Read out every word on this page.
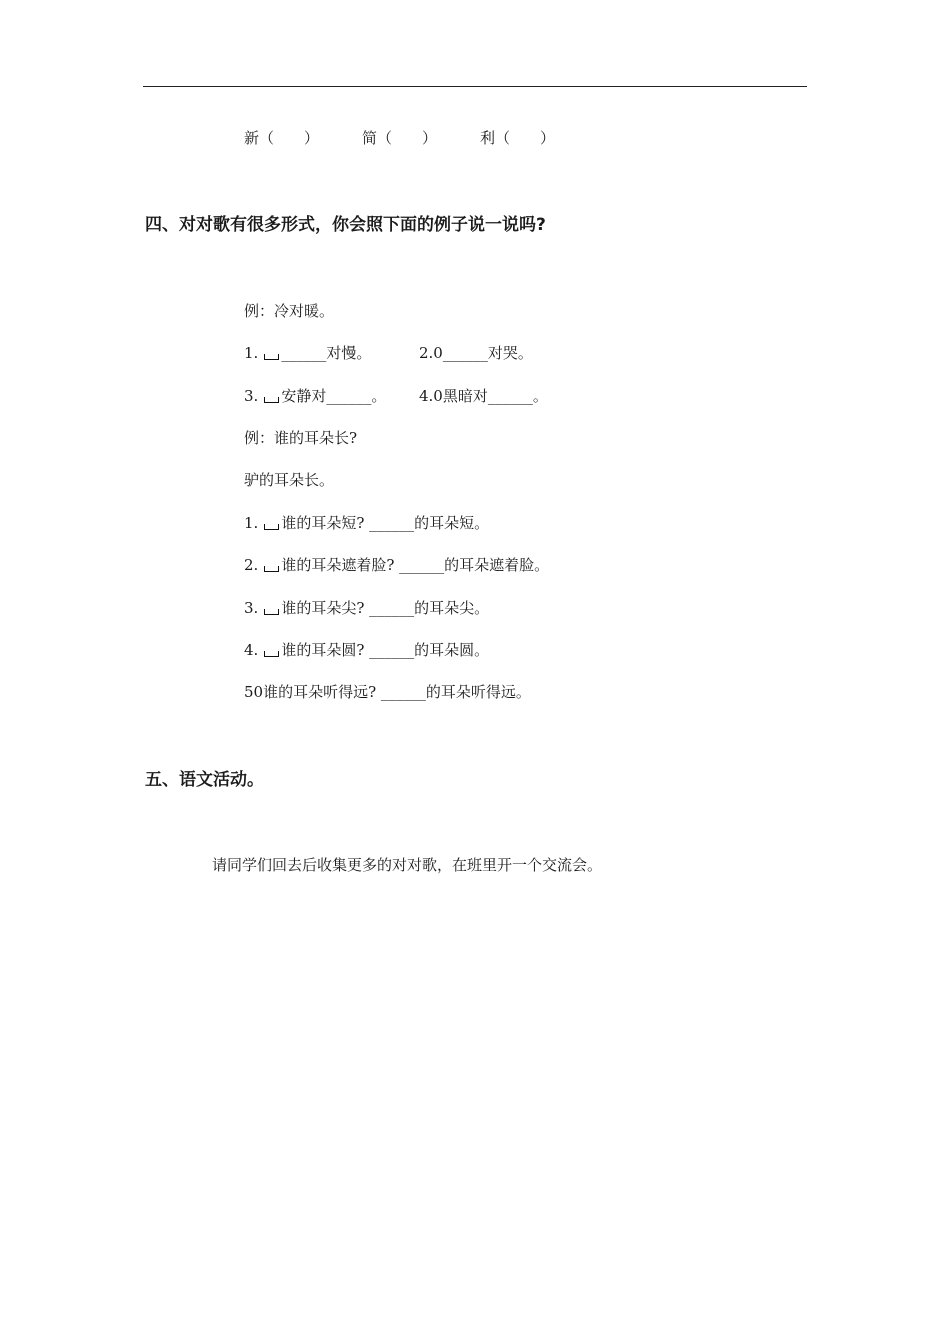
新（　　）	简（　　）	利（　　）
四、对对歌有很多形式，你会照下面的例子说一说吗?
例：冷对暖。
1. ______对慢。	2.0______对哭。
3. 安静对______。 4.0黑暗对______。
例：谁的耳朵长?
驴的耳朵长。
1. 谁的耳朵短? ______的耳朵短。
2. 谁的耳朵遮着脸? ______的耳朵遮着脸。
3. 谁的耳朵尖? ______的耳朵尖。
4. 谁的耳朵圆? ______的耳朵圆。
50谁的耳朵听得远? ______的耳朵听得远。
五、语文活动。
请同学们回去后收集更多的对对歌，在班里开一个交流会。
